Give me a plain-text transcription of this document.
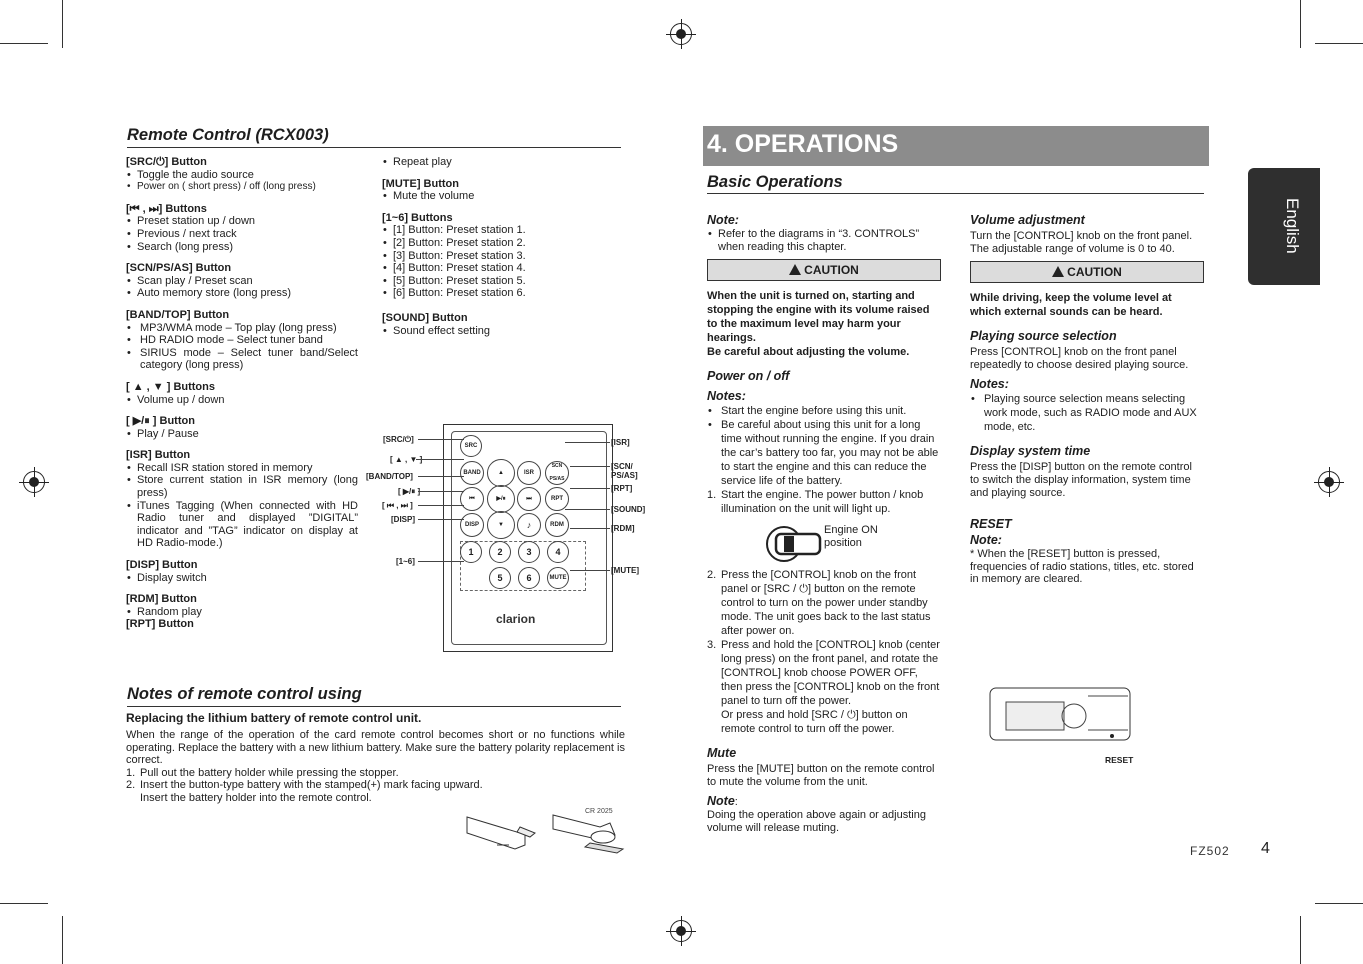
Remote Control (RCX003)
[SRC/⏻] Button
• Toggle the audio source
• Power on ( short press) / off (long press)
[⏮ , ⏭] Buttons
• Preset station up / down
• Previous / next track
• Search (long press)
[SCN/PS/AS] Button
• Scan play / Preset scan
• Auto memory store (long press)
[BAND/TOP] Button
• MP3/WMA mode – Top play (long press)
• HD RADIO mode – Select tuner band
• SIRIUS mode – Select tuner band/Select category (long press)
[ ▲ , ▼ ] Buttons
• Volume up / down
[ ▶/⏸ ] Button
• Play / Pause
[ISR] Button
• Recall ISR station stored in memory
• Store current station in ISR memory (long press)
• iTunes Tagging (When connected with HD Radio tuner and displayed ”DIGITAL” indicator and ”TAG” indicator on display at HD Radio-mode.)
[DISP] Button
• Display switch
[RDM] Button
• Random play
[RPT] Button
• Repeat play
[MUTE] Button
• Mute the volume
[1~6] Buttons
• [1] Button: Preset station 1.
• [2] Button: Preset station 2.
• [3] Button: Preset station 3.
• [4] Button: Preset station 4.
• [5] Button: Preset station 5.
• [6] Button: Preset station 6.
[SOUND] Button
• Sound effect setting
SRC
BAND	▲	ISR
SCN PS/AS
⏮	▶/⏸	⏭	RPT
DISP	▼	♪	RDM
1	2	3	4
5	6	MUTE
clarion
[SRC/⏻]
[ ▲ , ▼ ]
[BAND/TOP]
[ ▶/⏸ ]
[ ⏮ , ⏭ ]
[DISP]
[1~6]
[ISR]
[SCN/ PS/AS]
[RPT]
[SOUND]
[RDM]
[MUTE]
Notes of remote control using
Replacing the lithium battery of remote control unit.
When the range of the operation of the card remote control becomes short or no functions while operating. Replace the battery with a new lithium battery. Make sure the battery polarity replacement is correct.
1. Pull out the battery holder while pressing the stopper.
2. Insert the button-type battery with the stamped(+) mark facing upward.
Insert the battery holder into the remote control.
CR 2025
4. OPERATIONS
Basic Operations
Note:
• Refer to the diagrams in “3. CONTROLS” when reading this chapter.
CAUTION
When the unit is turned on, starting and stopping the engine with its volume raised to the maximum level may harm your hearings.
Be careful about adjusting the volume.
Power on / off
Notes:
• Start the engine before using this unit.
• Be careful about using this unit for a long time without running the engine. If you drain the car’s battery too far, you may not be able to start the engine and this can reduce the service life of the battery.
1. Start the engine. The power button / knob illumination on the unit will light up.
Engine ON position
2. Press the [CONTROL] knob on the front panel or [SRC / ⏻] button on the remote control to turn on the power under standby mode. The unit goes back to the last status after power on.
3. Press and hold the [CONTROL] knob (center long press) on the front panel, and rotate the [CONTROL] knob choose POWER OFF, then press the [CONTROL] knob on the front panel to turn off the power.
Or press and hold [SRC / ⏻] button on remote control to turn off the power.
Mute
Press the [MUTE] button on the remote control to mute the volume from the unit.
Note:
Doing the operation above again or adjusting volume will release muting.
Volume adjustment
Turn the [CONTROL] knob on the front panel.
The adjustable range of volume is 0 to 40.
CAUTION
While driving, keep the volume level at which external sounds can be heard.
Playing source selection
Press [CONTROL] knob on the front panel repeatedly to choose desired playing source.
Notes:
• Playing source selection means selecting work mode, such as RADIO mode and AUX mode, etc.
Display system time
Press the [DISP] button on the remote control to switch the display information, system time and playing source.
RESET
Note:
* When the [RESET] button is pressed, frequencies of radio stations, titles, etc. stored in memory are cleared.
RESET
English
FZ502 4
